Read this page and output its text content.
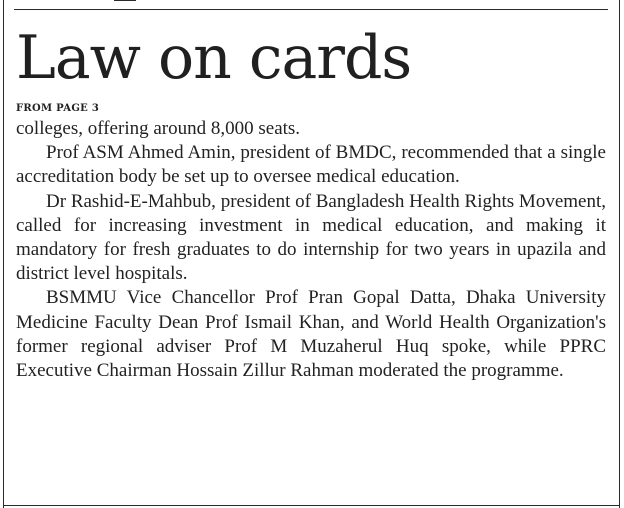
Law on cards
FROM PAGE 3

colleges, offering around 8,000 seats.

Prof ASM Ahmed Amin, president of BMDC, recommended that a single accreditation body be set up to oversee medical education.

Dr Rashid-E-Mahbub, president of Bangladesh Health Rights Movement, called for increasing investment in medical education, and making it mandatory for fresh graduates to do internship for two years in upazila and district level hospitals.

BSMMU Vice Chancellor Prof Pran Gopal Datta, Dhaka University Medicine Faculty Dean Prof Ismail Khan, and World Health Organization's former regional adviser Prof M Muzaherul Huq spoke, while PPRC Executive Chairman Hossain Zillur Rahman moderated the programme.
